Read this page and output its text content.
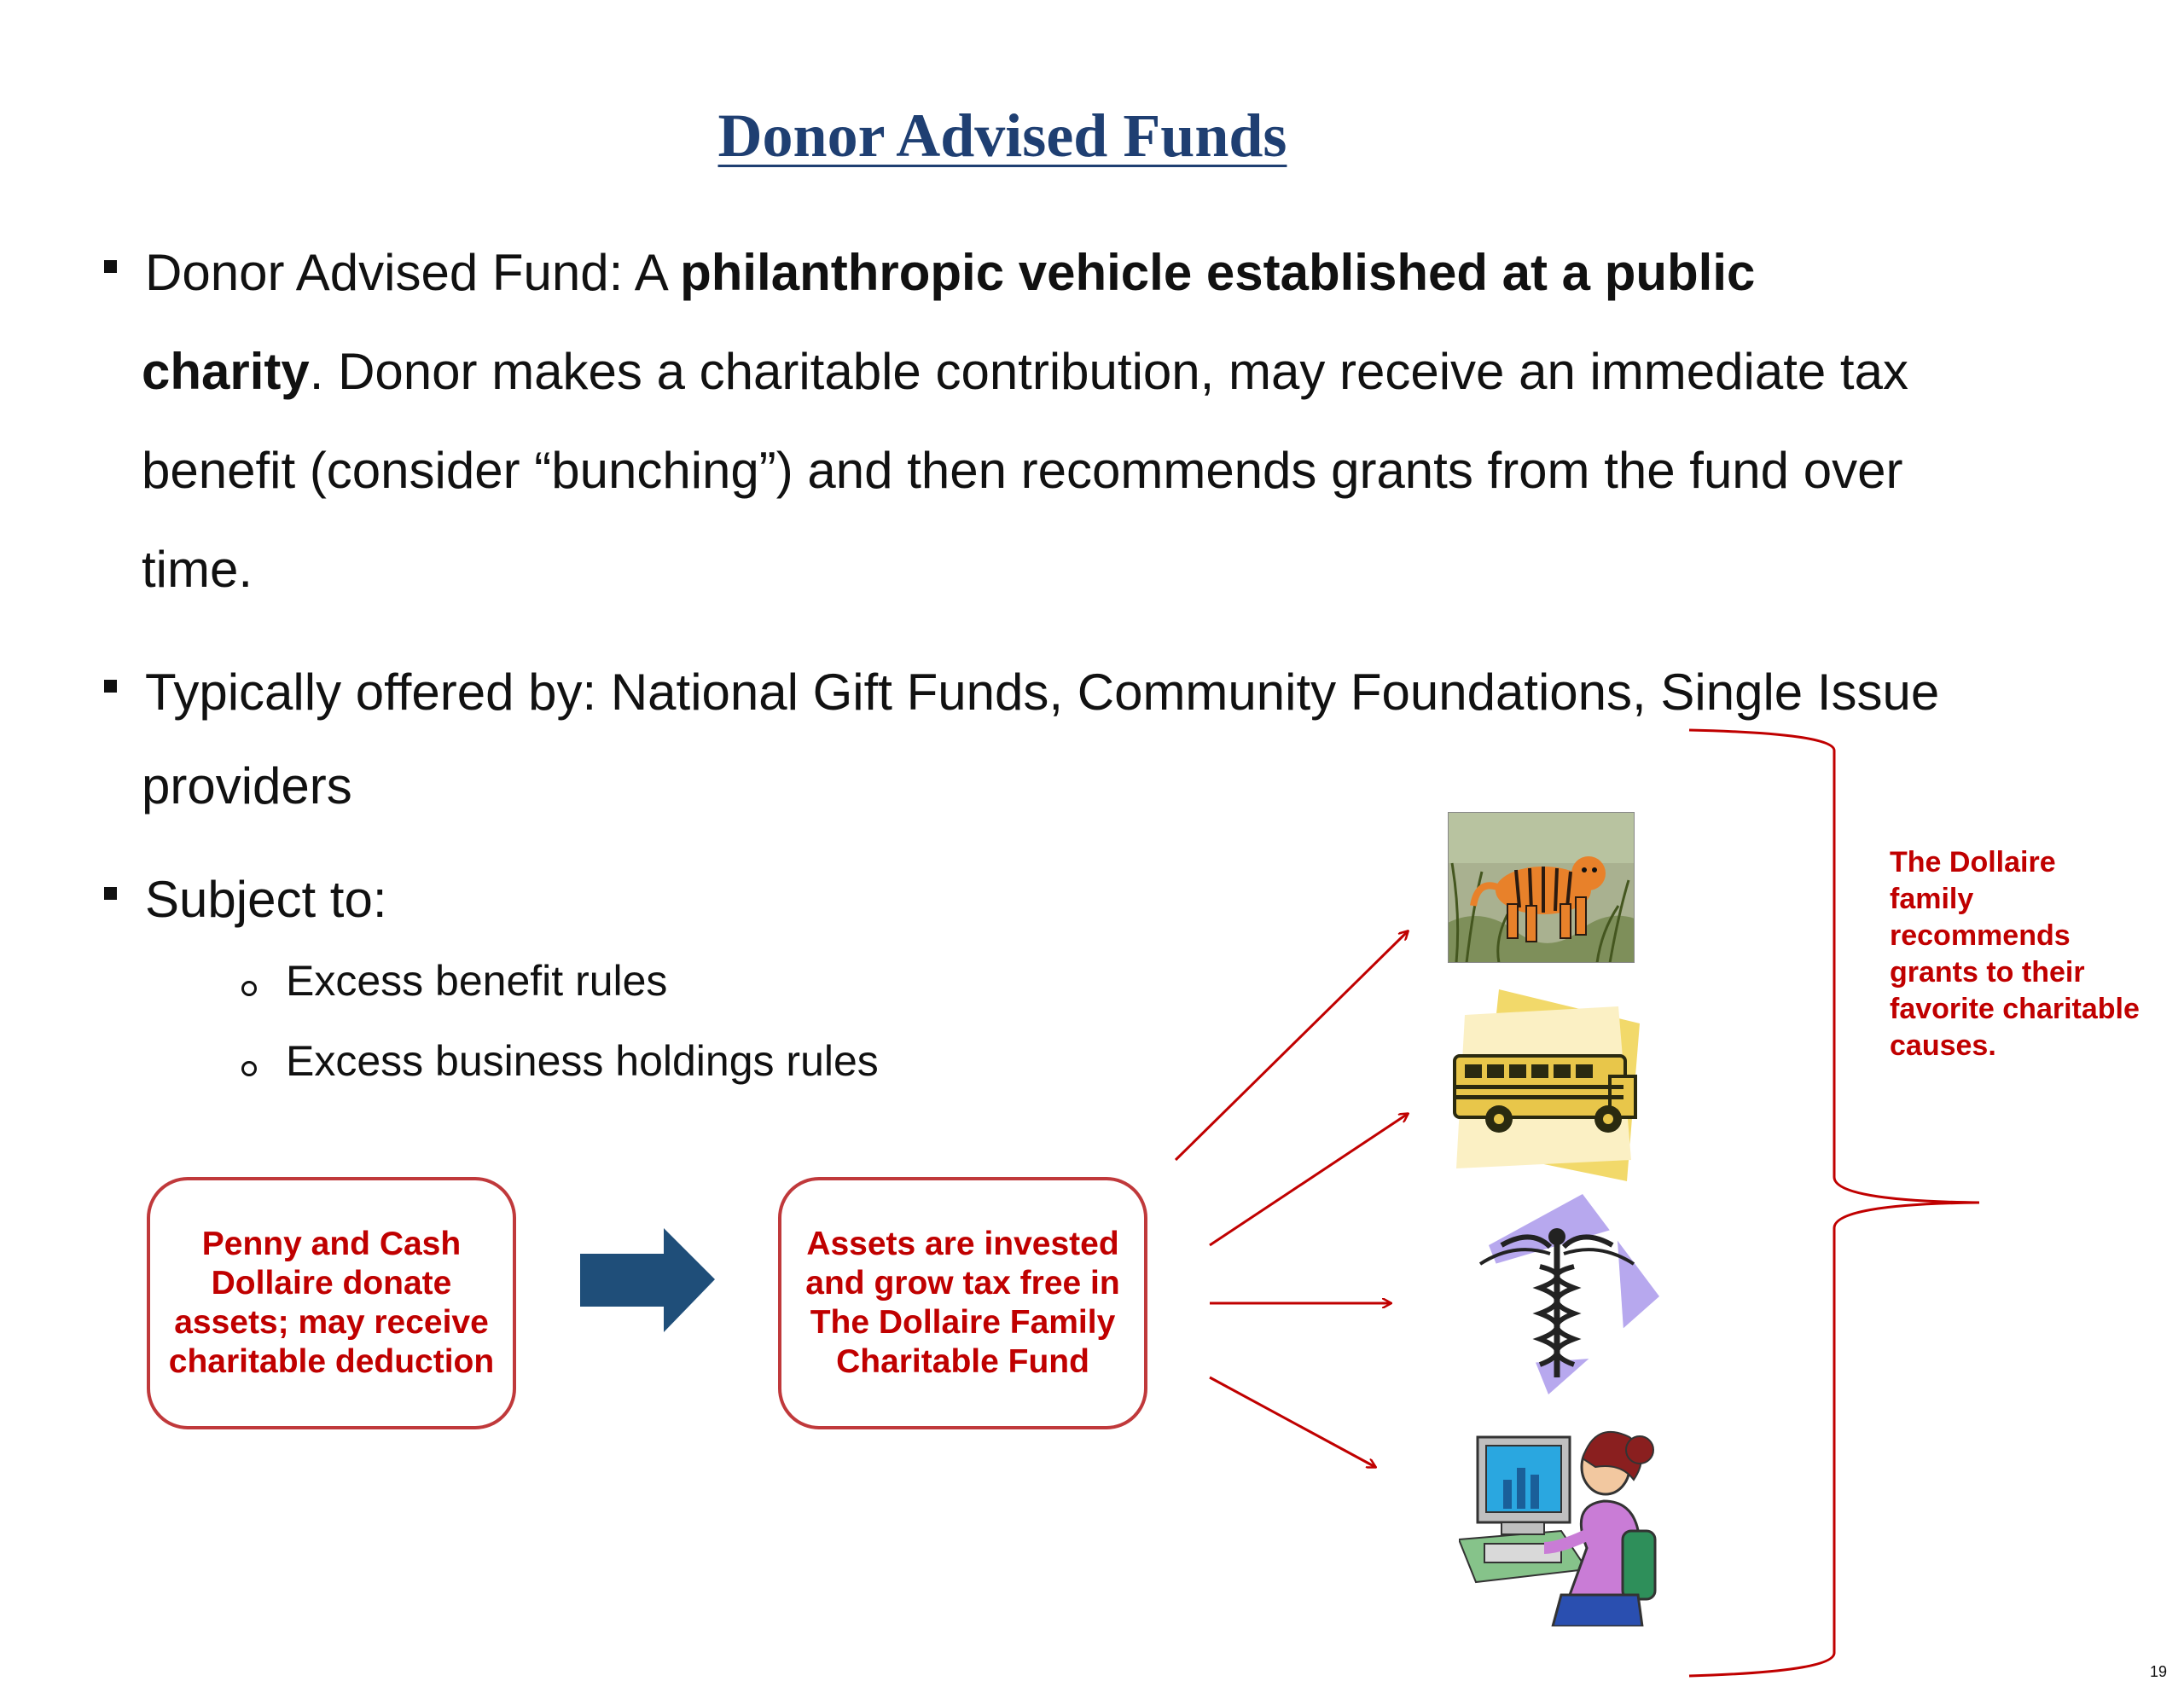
Donor Advised Funds
Donor Advised Fund: A philanthropic vehicle established at a public
charity. Donor makes a charitable contribution, may receive an immediate tax
benefit (consider “bunching”) and then recommends grants from the fund over
time.
Typically offered by: National Gift Funds, Community Foundations, Single Issue
providers
Subject to:
Excess benefit rules
Excess business holdings rules
Penny and Cash
Dollaire donate
assets; may receive
charitable deduction
Assets are invested
and grow tax free in
The Dollaire Family
Charitable Fund

The Dollaire family recommends grants to their favorite charitable causes.

19
